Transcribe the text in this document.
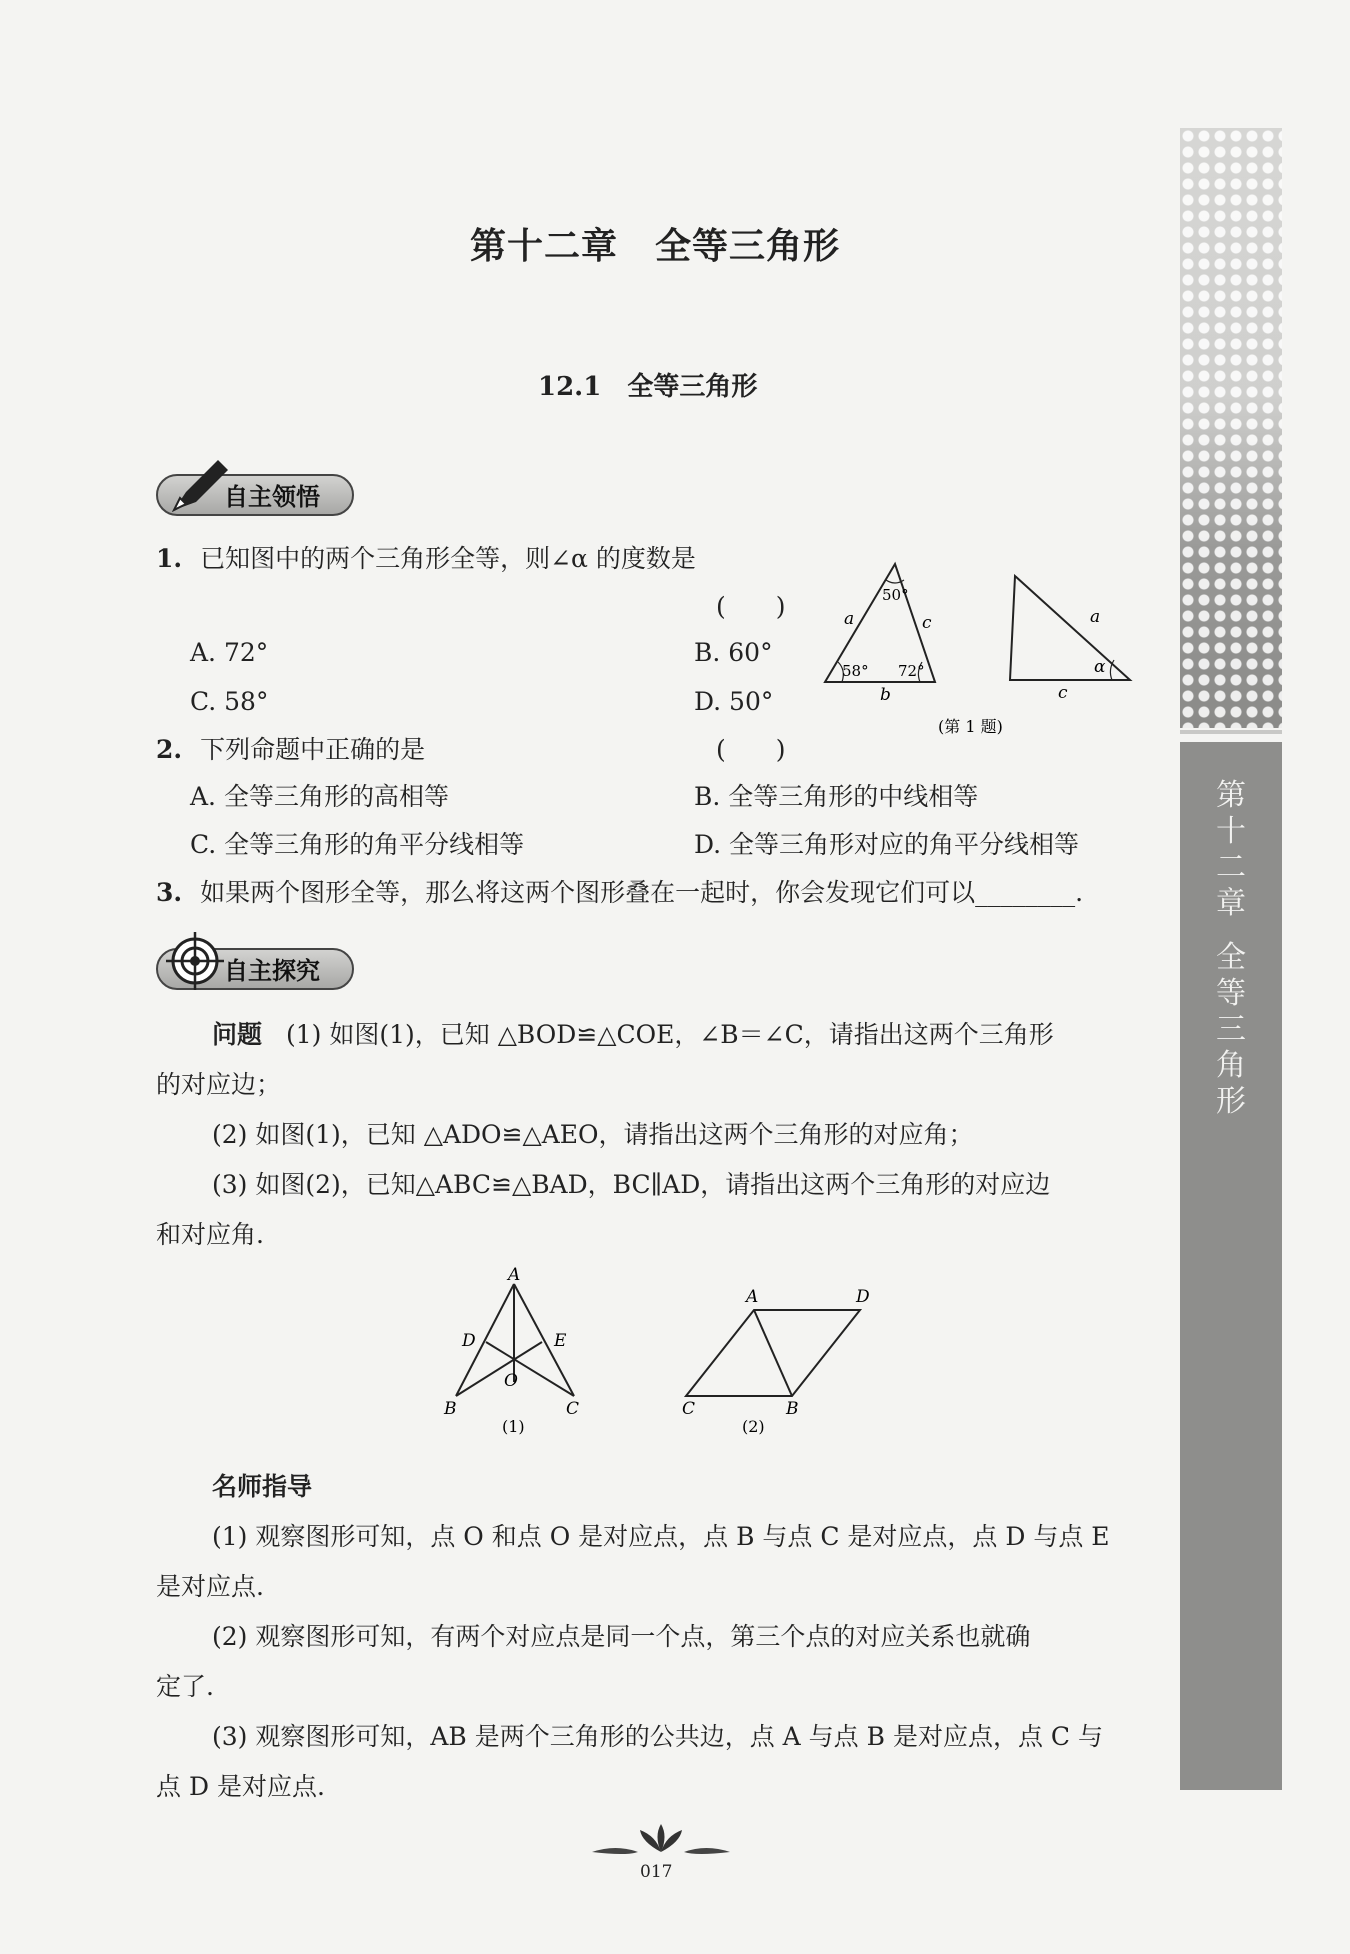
第
十
二
章
全
等
三
角
形
第十二章　全等三角形
12.1　全等三角形
自主领悟
1. 已知图中的两个三角形全等，则∠α 的度数是
(　　)
A. 72°	B. 60°
C. 58°	D. 50°
50°
58° 72°
a	c
b
a
c
α
(第 1 题)
2. 下列命题中正确的是	(　　)
A. 全等三角形的高相等	B. 全等三角形的中线相等
C. 全等三角形的角平分线相等	D. 全等三角形对应的角平分线相等
3. 如果两个图形全等，那么将这两个图形叠在一起时，你会发现它们可以________.
自主探究
问题 (1) 如图(1)，已知 △BOD≌△COE，∠B＝∠C，请指出这两个三角形
的对应边；
(2) 如图(1)，已知 △ADO≌△AEO，请指出这两个三角形的对应角；
(3) 如图(2)，已知△ABC≌△BAD，BC∥AD，请指出这两个三角形的对应边
和对应角.
A
D	E
O
B	C
(1)
A	D
C	B
(2)
名师指导
(1) 观察图形可知，点 O 和点 O 是对应点，点 B 与点 C 是对应点，点 D 与点 E
是对应点.
(2) 观察图形可知，有两个对应点是同一个点，第三个点的对应关系也就确
定了.
(3) 观察图形可知，AB 是两个三角形的公共边，点 A 与点 B 是对应点，点 C 与
点 D 是对应点.
017
